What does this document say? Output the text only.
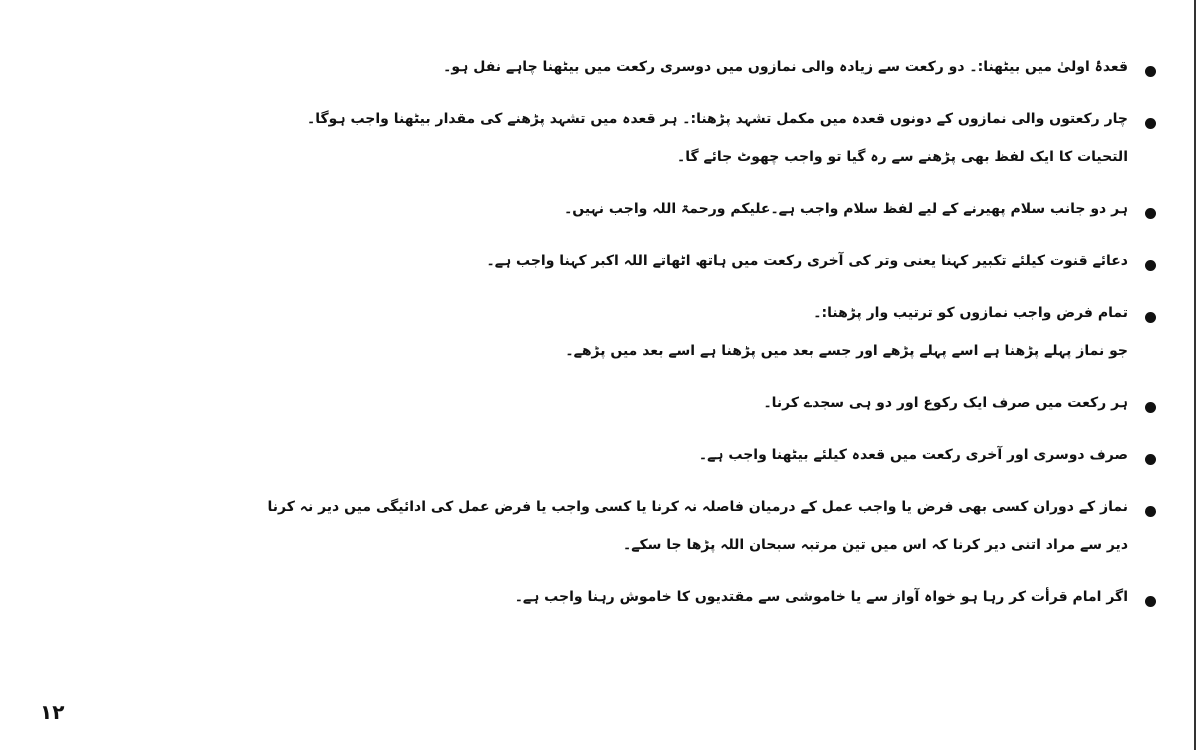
قعدۂ اولیٰ میں بیٹھنا:۔ دو رکعت سے زیادہ والی نمازوں میں دوسری رکعت میں بیٹھنا چاہے نفل ہو۔
چار رکعتوں والی نمازوں کے دونوں قعدہ میں مکمل تشہد پڑھنا:۔ ہر قعدہ میں تشہد پڑھنے کی مقدار بیٹھنا واجب ہوگا۔
التحیات کا ایک لفظ بھی پڑھنے سے رہ گیا تو واجب چھوٹ جائے گا۔
ہر دو جانب سلام پھیرنے کے لیے لفظ سلام واجب ہے۔علیکم ورحمۃ اللہ واجب نہیں۔
دعائے قنوت کیلئے تکبیر کہنا یعنی وتر کی آخری رکعت میں ہاتھ اٹھاتے اللہ اکبر کہنا واجب ہے۔
تمام فرض واجب نمازوں کو ترتیب وار پڑھنا:۔
جو نماز پہلے پڑھنا ہے اسے پہلے پڑھے اور جسے بعد میں پڑھنا ہے اسے بعد میں پڑھے۔
ہر رکعت میں صرف ایک رکوع اور دو ہی سجدے کرنا۔
صرف دوسری اور آخری رکعت میں قعدہ کیلئے بیٹھنا واجب ہے۔
نماز کے دوران کسی بھی فرض یا واجب عمل کے درمیان فاصلہ نہ کرنا یا کسی واجب یا فرض عمل کی ادائیگی میں دیر نہ کرنا
دیر سے مراد اتنی دیر کرنا کہ اس میں تین مرتبہ سبحان اللہ پڑھا جا سکے۔
اگر امام قرأت کر رہا ہو خواہ آواز سے یا خاموشی سے مقتدیوں کا خاموش رہنا واجب ہے۔
١٢
